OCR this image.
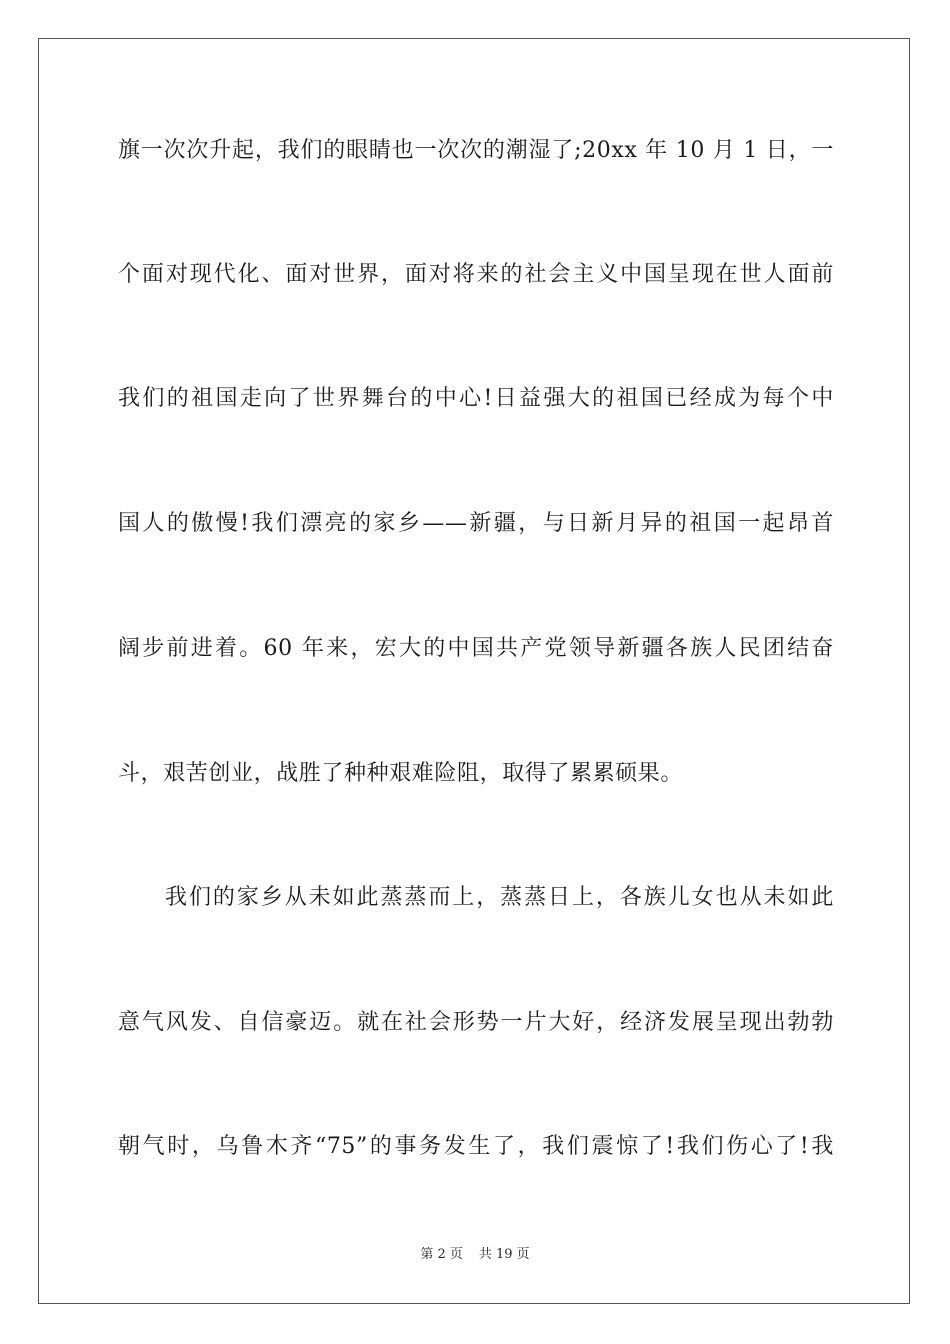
旗一次次升起，我们的眼睛也一次次的潮湿了;20xx 年 10 月 1 日，一
个面对现代化、面对世界，面对将来的社会主义中国呈现在世人面前
我们的祖国走向了世界舞台的中心!日益强大的祖国已经成为每个中
国人的傲慢!我们漂亮的家乡——新疆，与日新月异的祖国一起昂首
阔步前进着。60 年来，宏大的中国共产党领导新疆各族人民团结奋
斗，艰苦创业，战胜了种种艰难险阻，取得了累累硕果。
我们的家乡从未如此蒸蒸而上，蒸蒸日上，各族儿女也从未如此
意气风发、自信豪迈。就在社会形势一片大好，经济发展呈现出勃勃
朝气时，乌鲁木齐“75”的事务发生了，我们震惊了!我们伤心了!我
第 2 页 共 19 页
